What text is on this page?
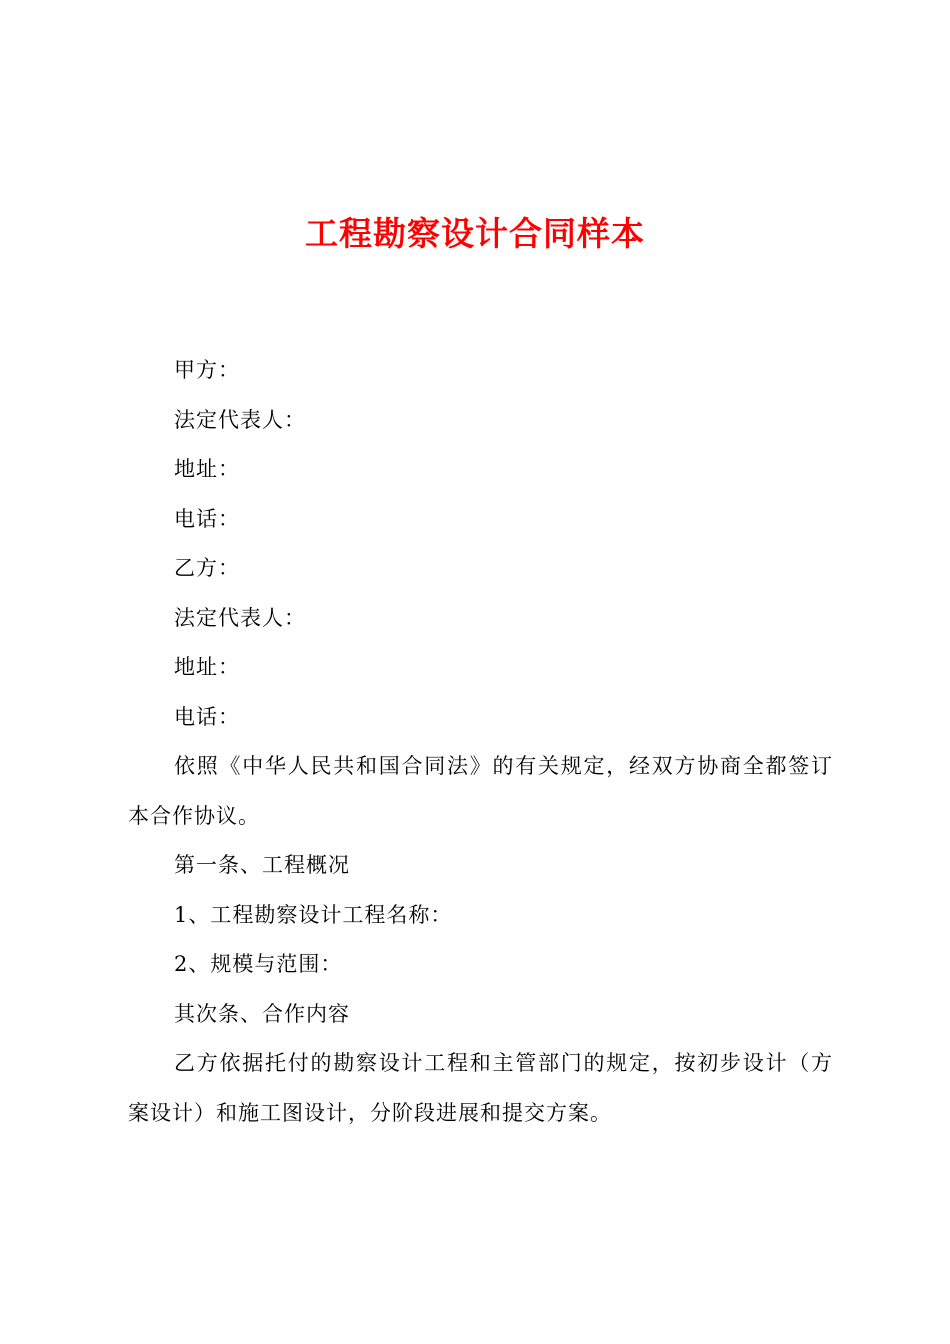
工程勘察设计合同样本

甲方：

法定代表人：

地址：

电话：

乙方：

法定代表人：

地址：

电话：

依照《中华人民共和国合同法》的有关规定，经双方协商全都签订本合作协议。

第一条、工程概况

1、工程勘察设计工程名称：

2、规模与范围：

其次条、合作内容

乙方依据托付的勘察设计工程和主管部门的规定，按初步设计（方案设计）和施工图设计，分阶段进展和提交方案。
